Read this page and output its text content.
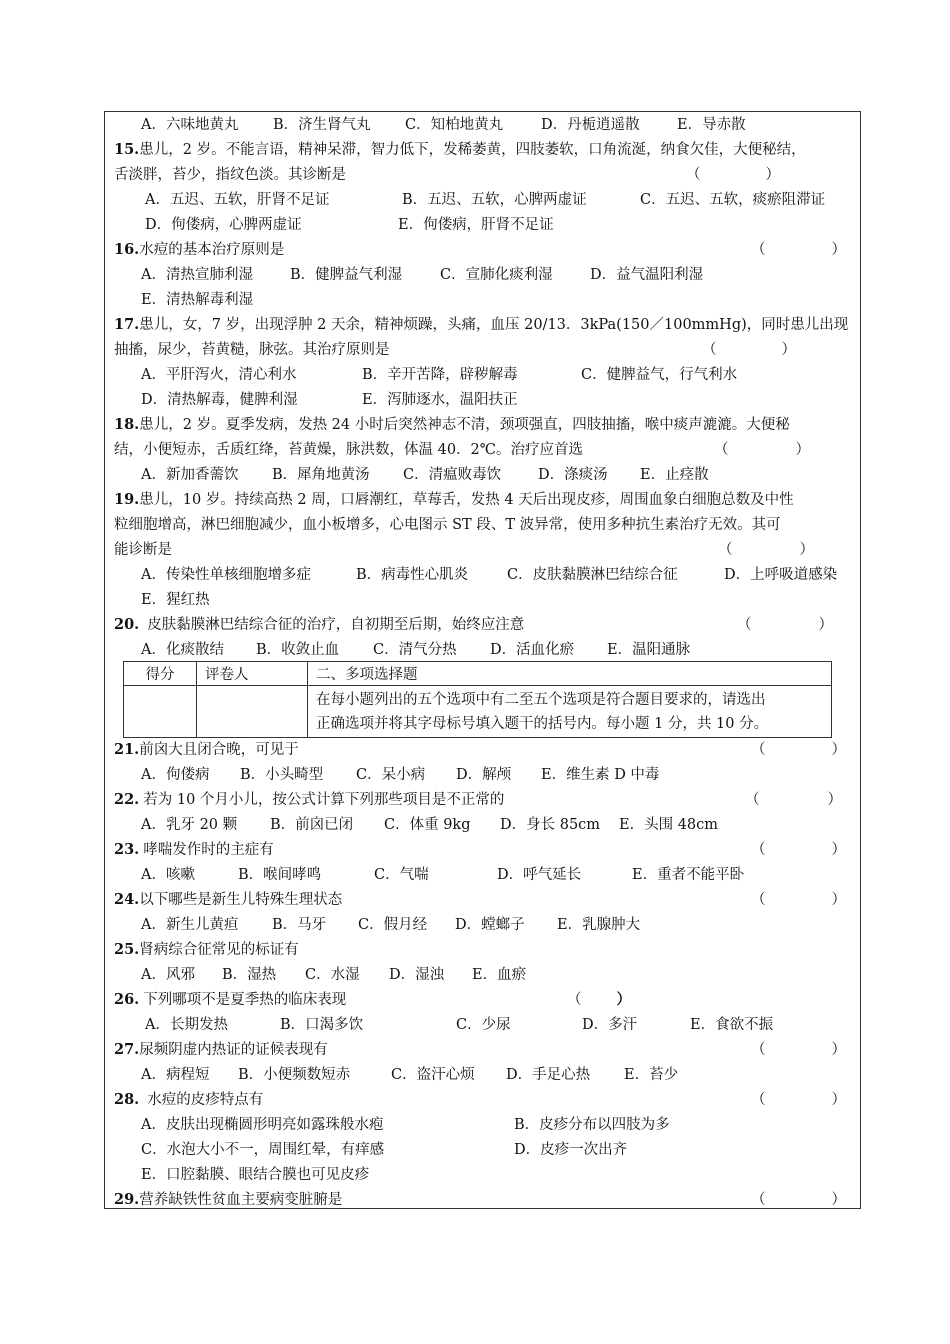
A．六味地黄丸 B．济生肾气丸 C．知柏地黄丸	D．丹栀逍遥散	E．导赤散
15.患儿，2 岁。不能言语，精神呆滞，智力低下，发稀萎黄，四肢萎软，口角流涎，纳食欠佳，大便秘结，
舌淡胖，苔少，指纹色淡。其诊断是	（	）
A．五迟、五软，肝肾不足证	B．五迟、五软，心脾两虚证	C．五迟、五软，痰瘀阻滞证
D．佝偻病，心脾两虚证	E．佝偻病，肝肾不足证
16.水痘的基本治疗原则是	（	）
A．清热宣肺利湿	B．健脾益气利湿	C．宣肺化痰利湿	D．益气温阳利湿
E．清热解毒利湿
17.患儿，女，7 岁，出现浮肿 2 天余，精神烦躁，头痛，血压 20/13．3kPa(150／100mmHg)，同时患儿出现
抽搐，尿少，苔黄糙，脉弦。其治疗原则是	（	）
A．平肝泻火，清心利水	B．辛开苦降，辟秽解毒	C．健脾益气，行气利水
D．清热解毒，健脾利湿	E．泻肺逐水，温阳扶正
18.患儿，2 岁。夏季发病，发热 24 小时后突然神志不清，颈项强直，四肢抽搐，喉中痰声漉漉。大便秘
结，小便短赤，舌质红绛，苔黄燥，脉洪数，体温 40．2℃。治疗应首选	（	）
A．新加香薷饮 B．犀角地黄汤 C．清瘟败毒饮	D．涤痰汤 E．止痉散
19.患儿，10 岁。持续高热 2 周，口唇潮红，草莓舌，发热 4 天后出现皮疹，周围血象白细胞总数及中性
粒细胞增高，淋巴细胞减少，血小板增多，心电图示 ST 段、T 波异常，使用多种抗生素治疗无效。其可
能诊断是	（	）
A．传染性单核细胞增多症	B．病毒性心肌炎	C．皮肤黏膜淋巴结综合征	D．上呼吸道感染
E．猩红热
20. 皮肤黏膜淋巴结综合征的治疗，自初期至后期，始终应注意	（	）
A．化痰散结 B．收敛止血 C．清气分热 D．活血化瘀 E．温阳通脉
得分	评卷人	二、多项选择题

		在每小题列出的五个选项中有二至五个选项是符合题目要求的，请选出
正确选项并将其字母标号填入题干的括号内。每小题 1 分，共 10 分。
21.前囟大且闭合晚，可见于	（	）
A．佝偻病 B．小头畸型 C．呆小病 D．解颅 E．维生素 D 中毒
22. 若为 10 个月小儿，按公式计算下列那些项目是不正常的	（	）
A．乳牙 20 颗 B．前囟已闭 C．体重 9kg D．身长 85cm E．头围 48cm
23. 哮喘发作时的主症有	（	）
A．咳嗽	B．喉间哮鸣	C．气喘	D．呼气延长	E．重者不能平卧
24.以下哪些是新生儿特殊生理状态	（	）
A．新生儿黄疸 B．马牙 C．假月经 D．螳螂子 E．乳腺肿大
25.肾病综合征常见的标证有
A．风邪 B．湿热 C．水湿 D．湿浊 E．血瘀
26. 下列哪项不是夏季热的临床表现	（ ）
A．长期发热	B．口渴多饮	C．少尿	D．多汗	E．食欲不振
27.尿频阴虚内热证的证候表现有	（	）
A．病程短 B．小便频数短赤	C．盗汗心烦 D．手足心热 E．苔少
28. 水痘的皮疹特点有	（	）
A．皮肤出现椭圆形明亮如露珠般水疱	B．皮疹分布以四肢为多
C．水泡大小不一，周围红晕，有痒感	D．皮疹一次出齐
E．口腔黏膜、眼结合膜也可见皮疹
29.营养缺铁性贫血主要病变脏腑是	（	）
